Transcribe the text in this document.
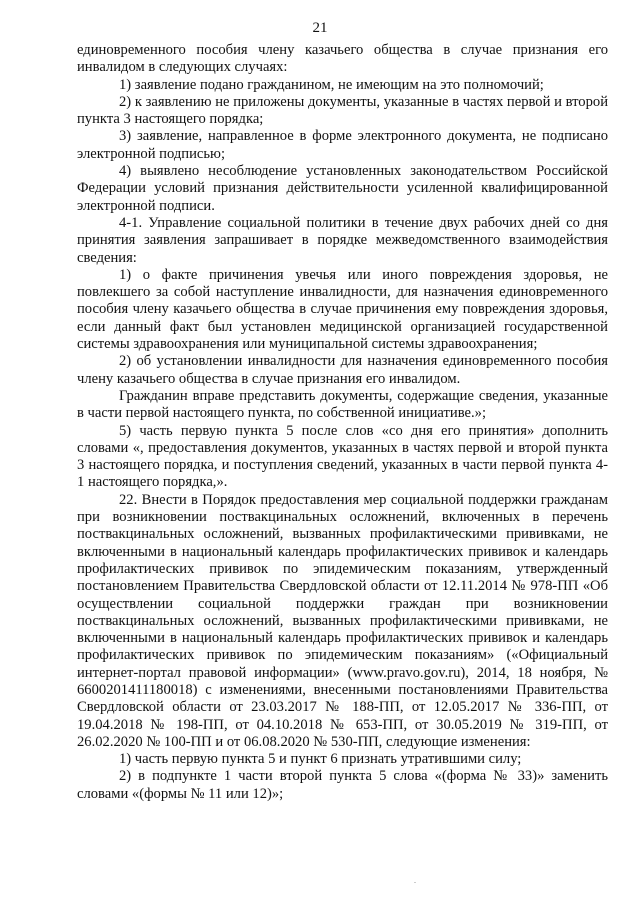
21

единовременного пособия члену казачьего общества в случае признания его инвалидом в следующих случаях:

1) заявление подано гражданином, не имеющим на это полномочий;

2) к заявлению не приложены документы, указанные в частях первой и второй пункта 3 настоящего порядка;

3) заявление, направленное в форме электронного документа, не подписано электронной подписью;

4) выявлено несоблюдение установленных законодательством Российской Федерации условий признания действительности усиленной квалифицированной электронной подписи.

4-1. Управление социальной политики в течение двух рабочих дней со дня принятия заявления запрашивает в порядке межведомственного взаимодействия сведения:

1) о факте причинения увечья или иного повреждения здоровья, не повлекшего за собой наступление инвалидности, для назначения единовременного пособия члену казачьего общества в случае причинения ему повреждения здоровья, если данный факт был установлен медицинской организацией государственной системы здравоохранения или муниципальной системы здравоохранения;

2) об установлении инвалидности для назначения единовременного пособия члену казачьего общества в случае признания его инвалидом.

Гражданин вправе представить документы, содержащие сведения, указанные в части первой настоящего пункта, по собственной инициативе.»;

5) часть первую пункта 5 после слов «со дня его принятия» дополнить словами «, предоставления документов, указанных в частях первой и второй пункта 3 настоящего порядка, и поступления сведений, указанных в части первой пункта 4-1 настоящего порядка,».

22. Внести в Порядок предоставления мер социальной поддержки гражданам при возникновении поствакцинальных осложнений, включенных в перечень поствакцинальных осложнений, вызванных профилактическими прививками, не включенными в национальный календарь профилактических прививок и календарь профилактических прививок по эпидемическим показаниям, утвержденный постановлением Правительства Свердловской области от 12.11.2014 № 978-ПП «Об осуществлении социальной поддержки граждан при возникновении поствакцинальных осложнений, вызванных профилактическими прививками, не включенными в национальный календарь профилактических прививок и календарь профилактических прививок по эпидемическим показаниям» («Официальный интернет-портал правовой информации» (www.pravo.gov.ru), 2014, 18 ноября, № 6600201411180018) с изменениями, внесенными постановлениями Правительства Свердловской области от 23.03.2017 № 188-ПП, от 12.05.2017 № 336-ПП, от 19.04.2018 № 198-ПП, от 04.10.2018 № 653-ПП, от 30.05.2019 № 319-ПП, от 26.02.2020 № 100-ПП и от 06.08.2020 № 530-ПП, следующие изменения:

1) часть первую пункта 5 и пункт 6 признать утратившими силу;

2) в подпункте 1 части второй пункта 5 слова «(форма № 33)» заменить словами «(формы № 11 или 12)»;
